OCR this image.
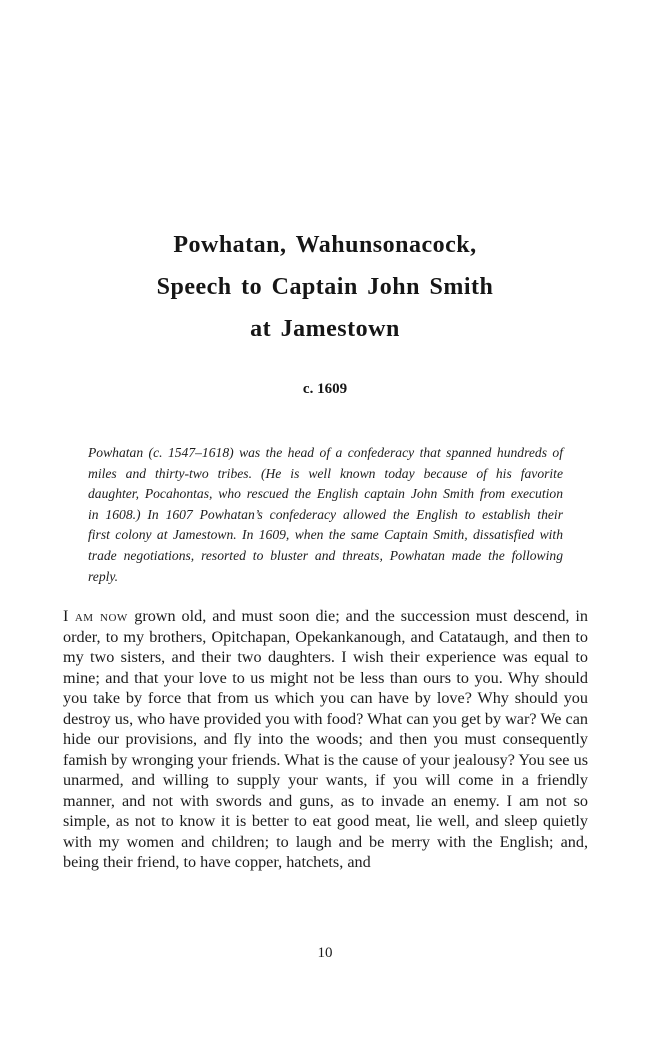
Powhatan, Wahunsonacock,
Speech to Captain John Smith
at Jamestown
c. 1609

Powhatan (c. 1547–1618) was the head of a confederacy that spanned hundreds of miles and thirty-two tribes. (He is well known today because of his favorite daughter, Pocahontas, who rescued the English captain John Smith from execution in 1608.) In 1607 Powhatan’s confederacy allowed the English to establish their first colony at Jamestown. In 1609, when the same Captain Smith, dissatisfied with trade negotiations, resorted to bluster and threats, Powhatan made the following reply.

I am now grown old, and must soon die; and the succession must descend, in order, to my brothers, Opitchapan, Opekankanough, and Catataugh, and then to my two sisters, and their two daughters. I wish their experience was equal to mine; and that your love to us might not be less than ours to you. Why should you take by force that from us which you can have by love? Why should you destroy us, who have provided you with food? What can you get by war? We can hide our provisions, and fly into the woods; and then you must consequently famish by wronging your friends. What is the cause of your jealousy? You see us unarmed, and willing to supply your wants, if you will come in a friendly manner, and not with swords and guns, as to invade an enemy. I am not so simple, as not to know it is better to eat good meat, lie well, and sleep quietly with my women and children; to laugh and be merry with the English; and, being their friend, to have copper, hatchets, and

10
